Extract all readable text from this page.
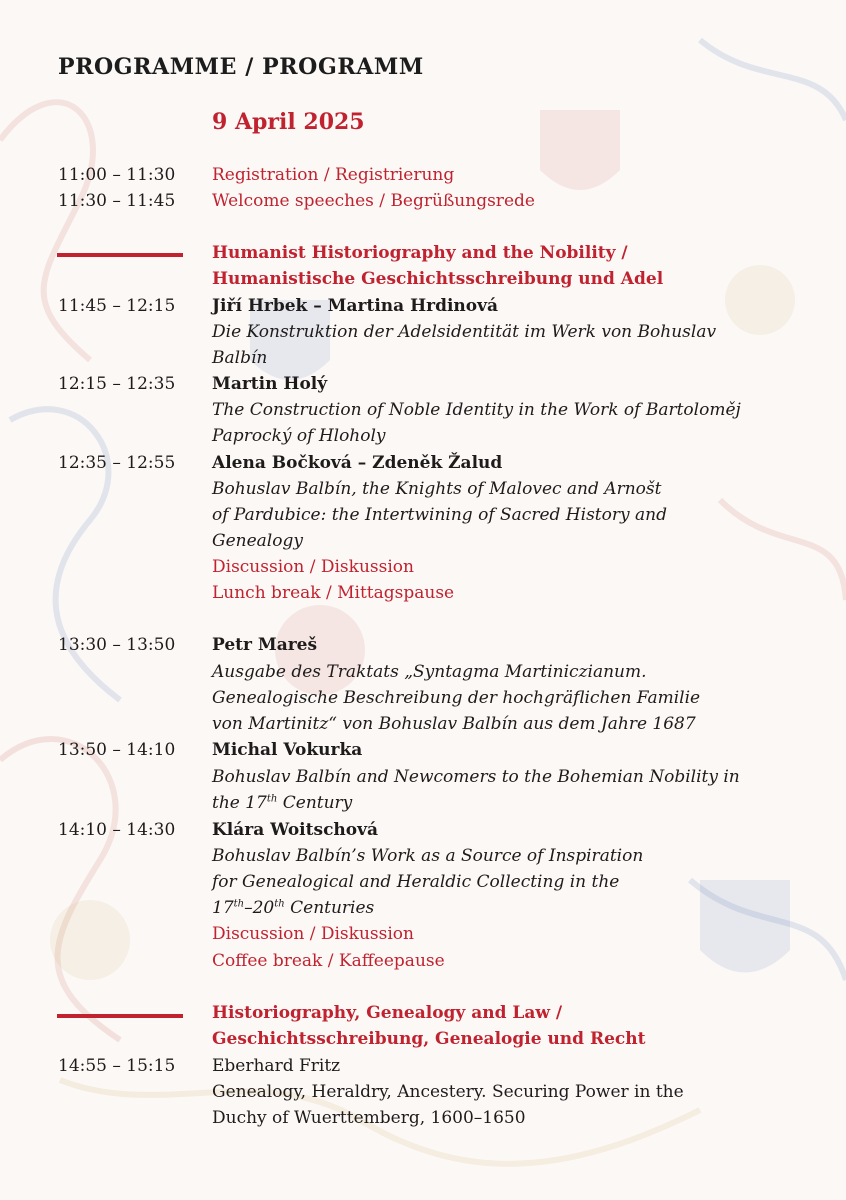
PROGRAMME / PROGRAMM
9 April 2025
11:00 – 11:30 Registration / Registrierung
11:30 – 11:45 Welcome speeches / Begrüßungsrede
Humanist Historiography and the Nobility /
Humanistische Geschichtsschreibung und Adel
11:45 – 12:15 Jiří Hrbek – Martina Hrdinová
Die Konstruktion der Adelsidentität im Werk von Bohuslav
Balbín
12:15 – 12:35 Martin Holý
The Construction of Noble Identity in the Work of Bartoloměj
Paprocký of Hloholy
12:35 – 12:55 Alena Bočková – Zdeněk Žalud
Bohuslav Balbín, the Knights of Malovec and Arnošt
of Pardubice: the Intertwining of Sacred History and
Genealogy
Discussion / Diskussion
Lunch break / Mittagspause
13:30 – 13:50 Petr Mareš
Ausgabe des Traktats „Syntagma Martiniczianum.
Genealogische Beschreibung der hochgräflichen Familie
von Martinitz“ von Bohuslav Balbín aus dem Jahre 1687
13:50 – 14:10 Michal Vokurka
Bohuslav Balbín and Newcomers to the Bohemian Nobility in
the 17th Century
14:10 – 14:30 Klára Woitschová
Bohuslav Balbín’s Work as a Source of Inspiration
for Genealogical and Heraldic Collecting in the
17th–20th Centuries
Discussion / Diskussion
Coffee break / Kaffeepause
Historiography, Genealogy and Law /
Geschichtsschreibung, Genealogie und Recht
14:55 – 15:15 Eberhard Fritz
Genealogy, Heraldry, Ancestery. Securing Power in the
Duchy of Wuerttemberg, 1600–1650
